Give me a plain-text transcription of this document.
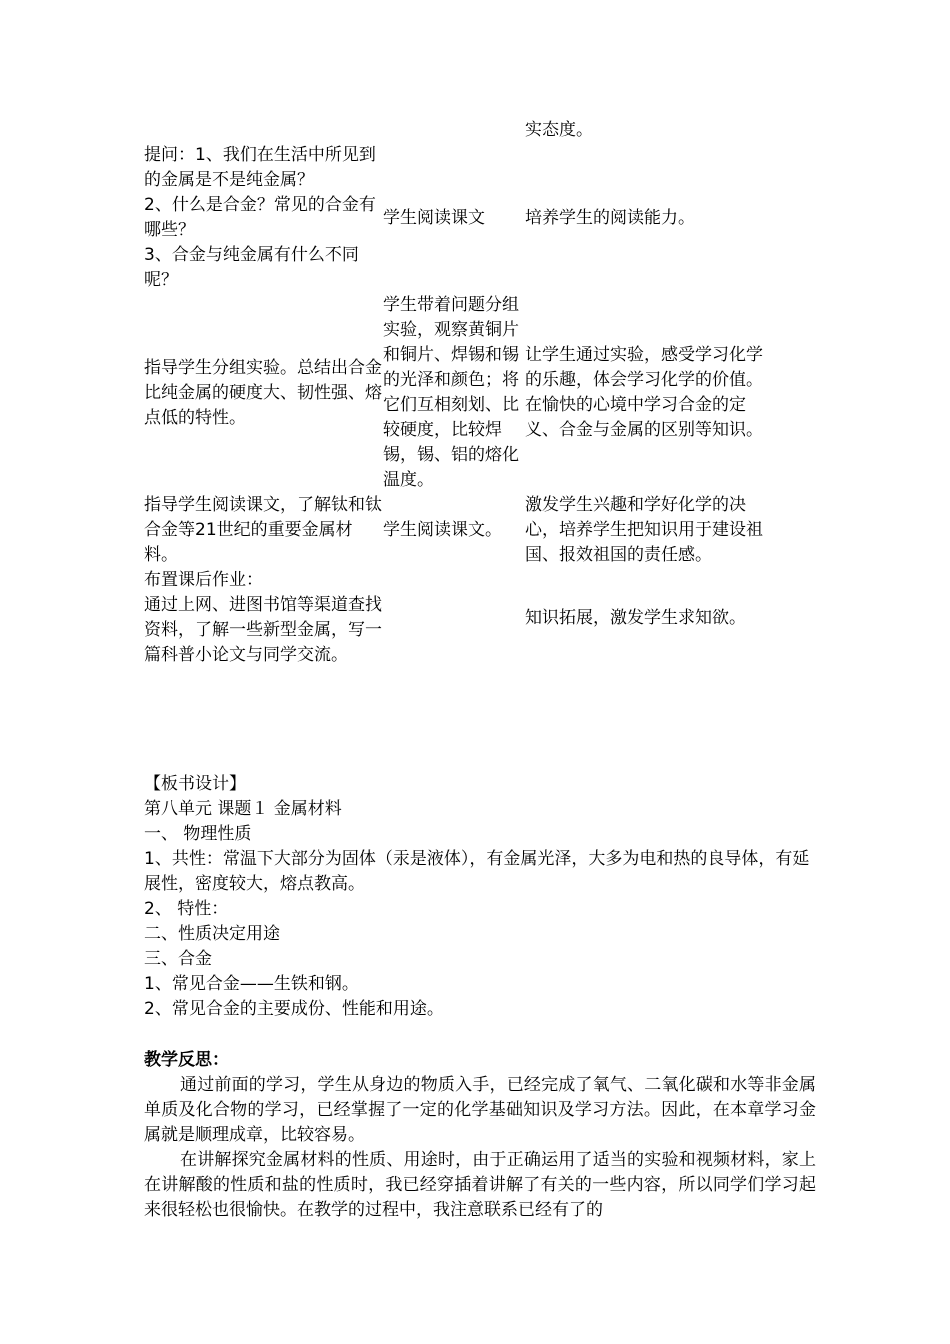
		实态度。
提问：1、我们在生活中所见到的金属是不是纯金属？
2、什么是合金？常见的合金有哪些？
3、合金与纯金属有什么不同呢？	学生阅读课文	培养学生的阅读能力。
指导学生分组实验。总结出合金比纯金属的硬度大、韧性强、熔点低的特性。	学生带着问题分组实验，观察黄铜片和铜片、焊锡和锡的光泽和颜色；将它们互相刻划、比较硬度，比较焊锡，锡、铝的熔化温度。	让学生通过实验，感受学习化学的乐趣，体会学习化学的价值。在愉快的心境中学习合金的定义、合金与金属的区别等知识。
指导学生阅读课文，了解钛和钛合金等21世纪的重要金属材料。	学生阅读课文。	激发学生兴趣和学好化学的决心，培养学生把知识用于建设祖国、报效祖国的责任感。
布置课后作业：
通过上网、进图书馆等渠道查找资料，了解一些新型金属，写一篇科普小论文与同学交流。		知识拓展，激发学生求知欲。

【板书设计】

第八单元 课题１ 金属材料

一、 物理性质

1、共性：常温下大部分为固体（汞是液体），有金属光泽，大多为电和热的良导体，有延展性，密度较大，熔点教高。

2、 特性：

二、性质决定用途

三、合金

1、常见合金——生铁和钢。

2、常见合金的主要成份、性能和用途。

教学反思：

通过前面的学习，学生从身边的物质入手，已经完成了氧气、二氧化碳和水等非金属单质及化合物的学习，已经掌握了一定的化学基础知识及学习方法。因此，在本章学习金属就是顺理成章，比较容易。

在讲解探究金属材料的性质、用途时，由于正确运用了适当的实验和视频材料，家上在讲解酸的性质和盐的性质时，我已经穿插着讲解了有关的一些内容，所以同学们学习起来很轻松也很愉快。在教学的过程中，我注意联系已经有了的
